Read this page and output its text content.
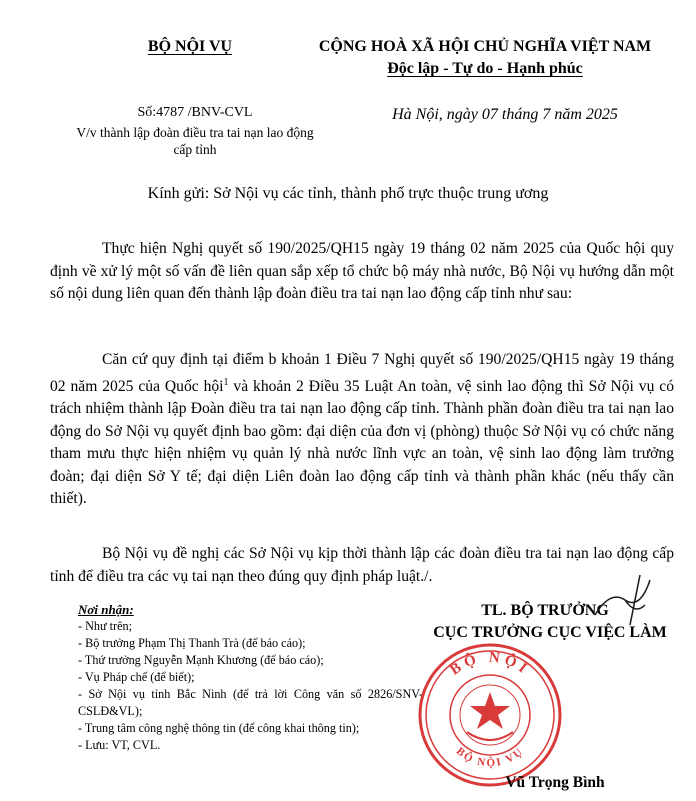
BỘ NỘI VỤ	CỘNG HOÀ XÃ HỘI CHỦ NGHĨA VIỆT NAM
Độc lập - Tự do - Hạnh phúc
Số:4787 /BNV-CVL
V/v thành lập đoàn điều tra tai nạn lao động cấp tỉnh
Hà Nội, ngày 07 tháng 7 năm 2025
Kính gửi: Sở Nội vụ các tỉnh, thành phố trực thuộc trung ương
Thực hiện Nghị quyết số 190/2025/QH15 ngày 19 tháng 02 năm 2025 của Quốc hội quy định về xử lý một số vấn đề liên quan sắp xếp tổ chức bộ máy nhà nước, Bộ Nội vụ hướng dẫn một số nội dung liên quan đến thành lập đoàn điều tra tai nạn lao động cấp tỉnh như sau:
Căn cứ quy định tại điểm b khoản 1 Điều 7 Nghị quyết số 190/2025/QH15 ngày 19 tháng 02 năm 2025 của Quốc hội$^1$ và khoản 2 Điều 35 Luật An toàn, vệ sinh lao động thì Sở Nội vụ có trách nhiệm thành lập Đoàn điều tra tai nạn lao động cấp tỉnh. Thành phần đoàn điều tra tai nạn lao động do Sở Nội vụ quyết định bao gồm: đại diện của đơn vị (phòng) thuộc Sở Nội vụ có chức năng tham mưu thực hiện nhiệm vụ quản lý nhà nước lĩnh vực an toàn, vệ sinh lao động làm trưởng đoàn; đại diện Sở Y tế; đại diện Liên đoàn lao động cấp tỉnh và thành phần khác (nếu thấy cần thiết).
Bộ Nội vụ đề nghị các Sở Nội vụ kịp thời thành lập các đoàn điều tra tai nạn lao động cấp tỉnh để điều tra các vụ tai nạn theo đúng quy định pháp luật./.
Nơi nhận:
- Như trên;
- Bộ trưởng Phạm Thị Thanh Trà (để báo cáo);
- Thứ trưởng Nguyễn Mạnh Khương (để báo cáo);
- Vụ Pháp chế (để biết);
- Sở Nội vụ tỉnh Bắc Ninh (để trả lời Công văn số 2826/SNV-CSLĐ&VL);
- Trung tâm công nghệ thông tin (để công khai thông tin);
- Lưu: VT, CVL.
TL. BỘ TRƯỞNG
CỤC TRƯỞNG CỤC VIỆC LÀM
BỘ NỘI
BỘ NỘI VỤ
Vũ Trọng Bình
